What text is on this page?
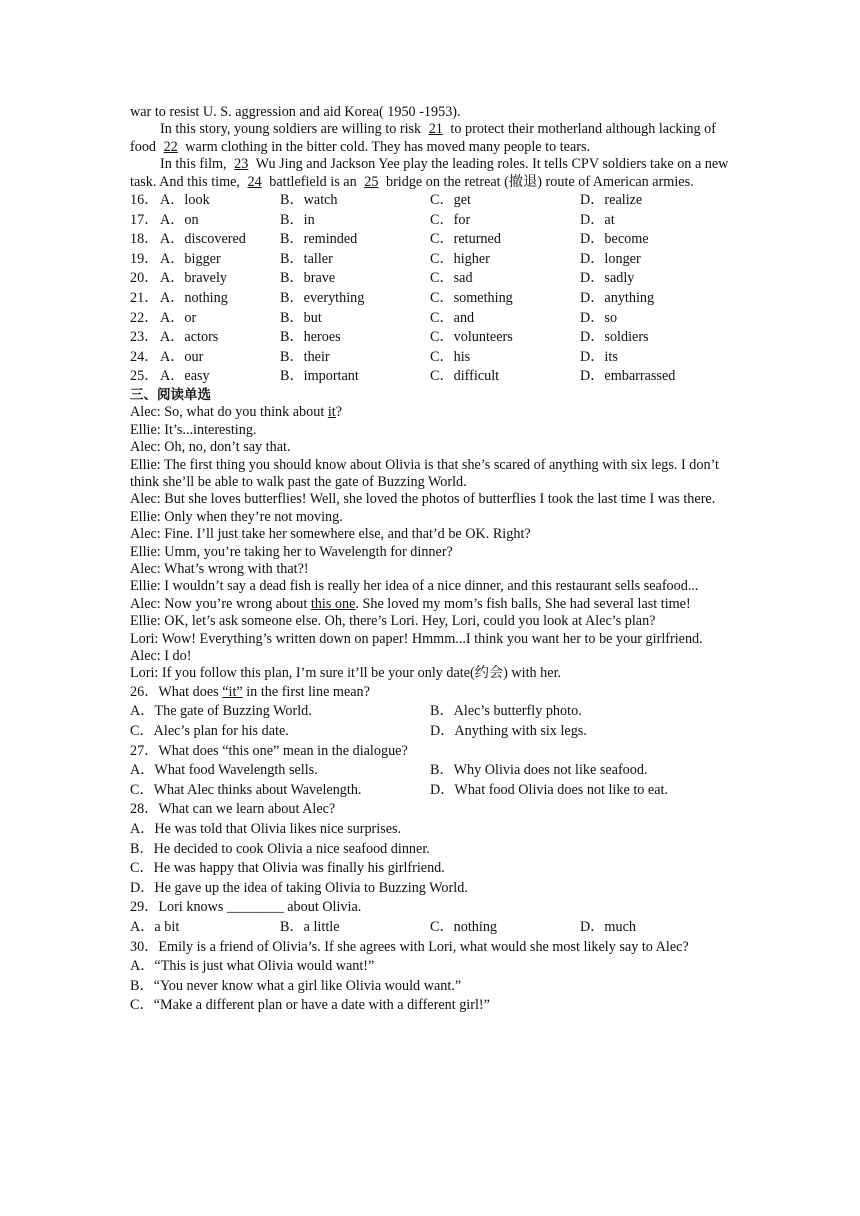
war to resist U. S. aggression and aid Korea( 1950 -1953).

In this story, young soldiers are willing to risk 21 to protect their motherland although lacking of food 22 warm clothing in the bitter cold. They has moved many people to tears.

In this film, 23 Wu Jing and Jackson Yee play the leading roles. It tells CPV soldiers take on a new task. And this time, 24 battlefield is an 25 bridge on the retreat (撤退) route of American armies.

16． A．look	B．watch	C．get	D．realize
17． A．on	B．in	C．for	D．at
18． A．discovered	B．reminded	C．returned	D．become
19． A．bigger	B．taller	C．higher	D．longer
20． A．bravely	B．brave	C．sad	D．sadly
21． A．nothing	B．everything	C．something	D．anything
22． A．or	B．but	C．and	D．so
23． A．actors	B．heroes	C．volunteers	D．soldiers
24． A．our	B．their	C．his	D．its
25． A．easy	B．important	C．difficult	D．embarrassed

三、阅读单选

Alec: So, what do you think about it?

Ellie: It’s...interesting.

Alec: Oh, no, don’t say that.

Ellie: The first thing you should know about Olivia is that she’s scared of anything with six legs. I don’t think she’ll be able to walk past the gate of Buzzing World.

Alec: But she loves butterflies! Well, she loved the photos of butterflies I took the last time I was there.

Ellie: Only when they’re not moving.

Alec: Fine. I’ll just take her somewhere else, and that’d be OK. Right?

Ellie: Umm, you’re taking her to Wavelength for dinner?

Alec: What’s wrong with that?!

Ellie: I wouldn’t say a dead fish is really her idea of a nice dinner, and this restaurant sells seafood...

Alec: Now you’re wrong about this one. She loved my mom’s fish balls, She had several last time!

Ellie: OK, let’s ask someone else. Oh, there’s Lori. Hey, Lori, could you look at Alec’s plan?

Lori: Wow! Everything’s written down on paper! Hmmm...I think you want her to be your girlfriend.

Alec: I do!

Lori: If you follow this plan, I’m sure it’ll be your only date(约会) with her.

26．What does “it” in the first line mean?

A．The gate of Buzzing World.	B．Alec’s butterfly photo.
C．Alec’s plan for his date.	D．Anything with six legs.

27．What does “this one” mean in the dialogue?

A．What food Wavelength sells.	B．Why Olivia does not like seafood.
C．What Alec thinks about Wavelength.	D．What food Olivia does not like to eat.

28．What can we learn about Alec?

A．He was told that Olivia likes nice surprises.

B．He decided to cook Olivia a nice seafood dinner.

C．He was happy that Olivia was finally his girlfriend.

D．He gave up the idea of taking Olivia to Buzzing World.

29．Lori knows ________ about Olivia.

A．a bit	B．a little	C．nothing	D．much

30．Emily is a friend of Olivia’s. If she agrees with Lori, what would she most likely say to Alec?

A．“This is just what Olivia would want!”

B．“You never know what a girl like Olivia would want.”

C．“Make a different plan or have a date with a different girl!”
